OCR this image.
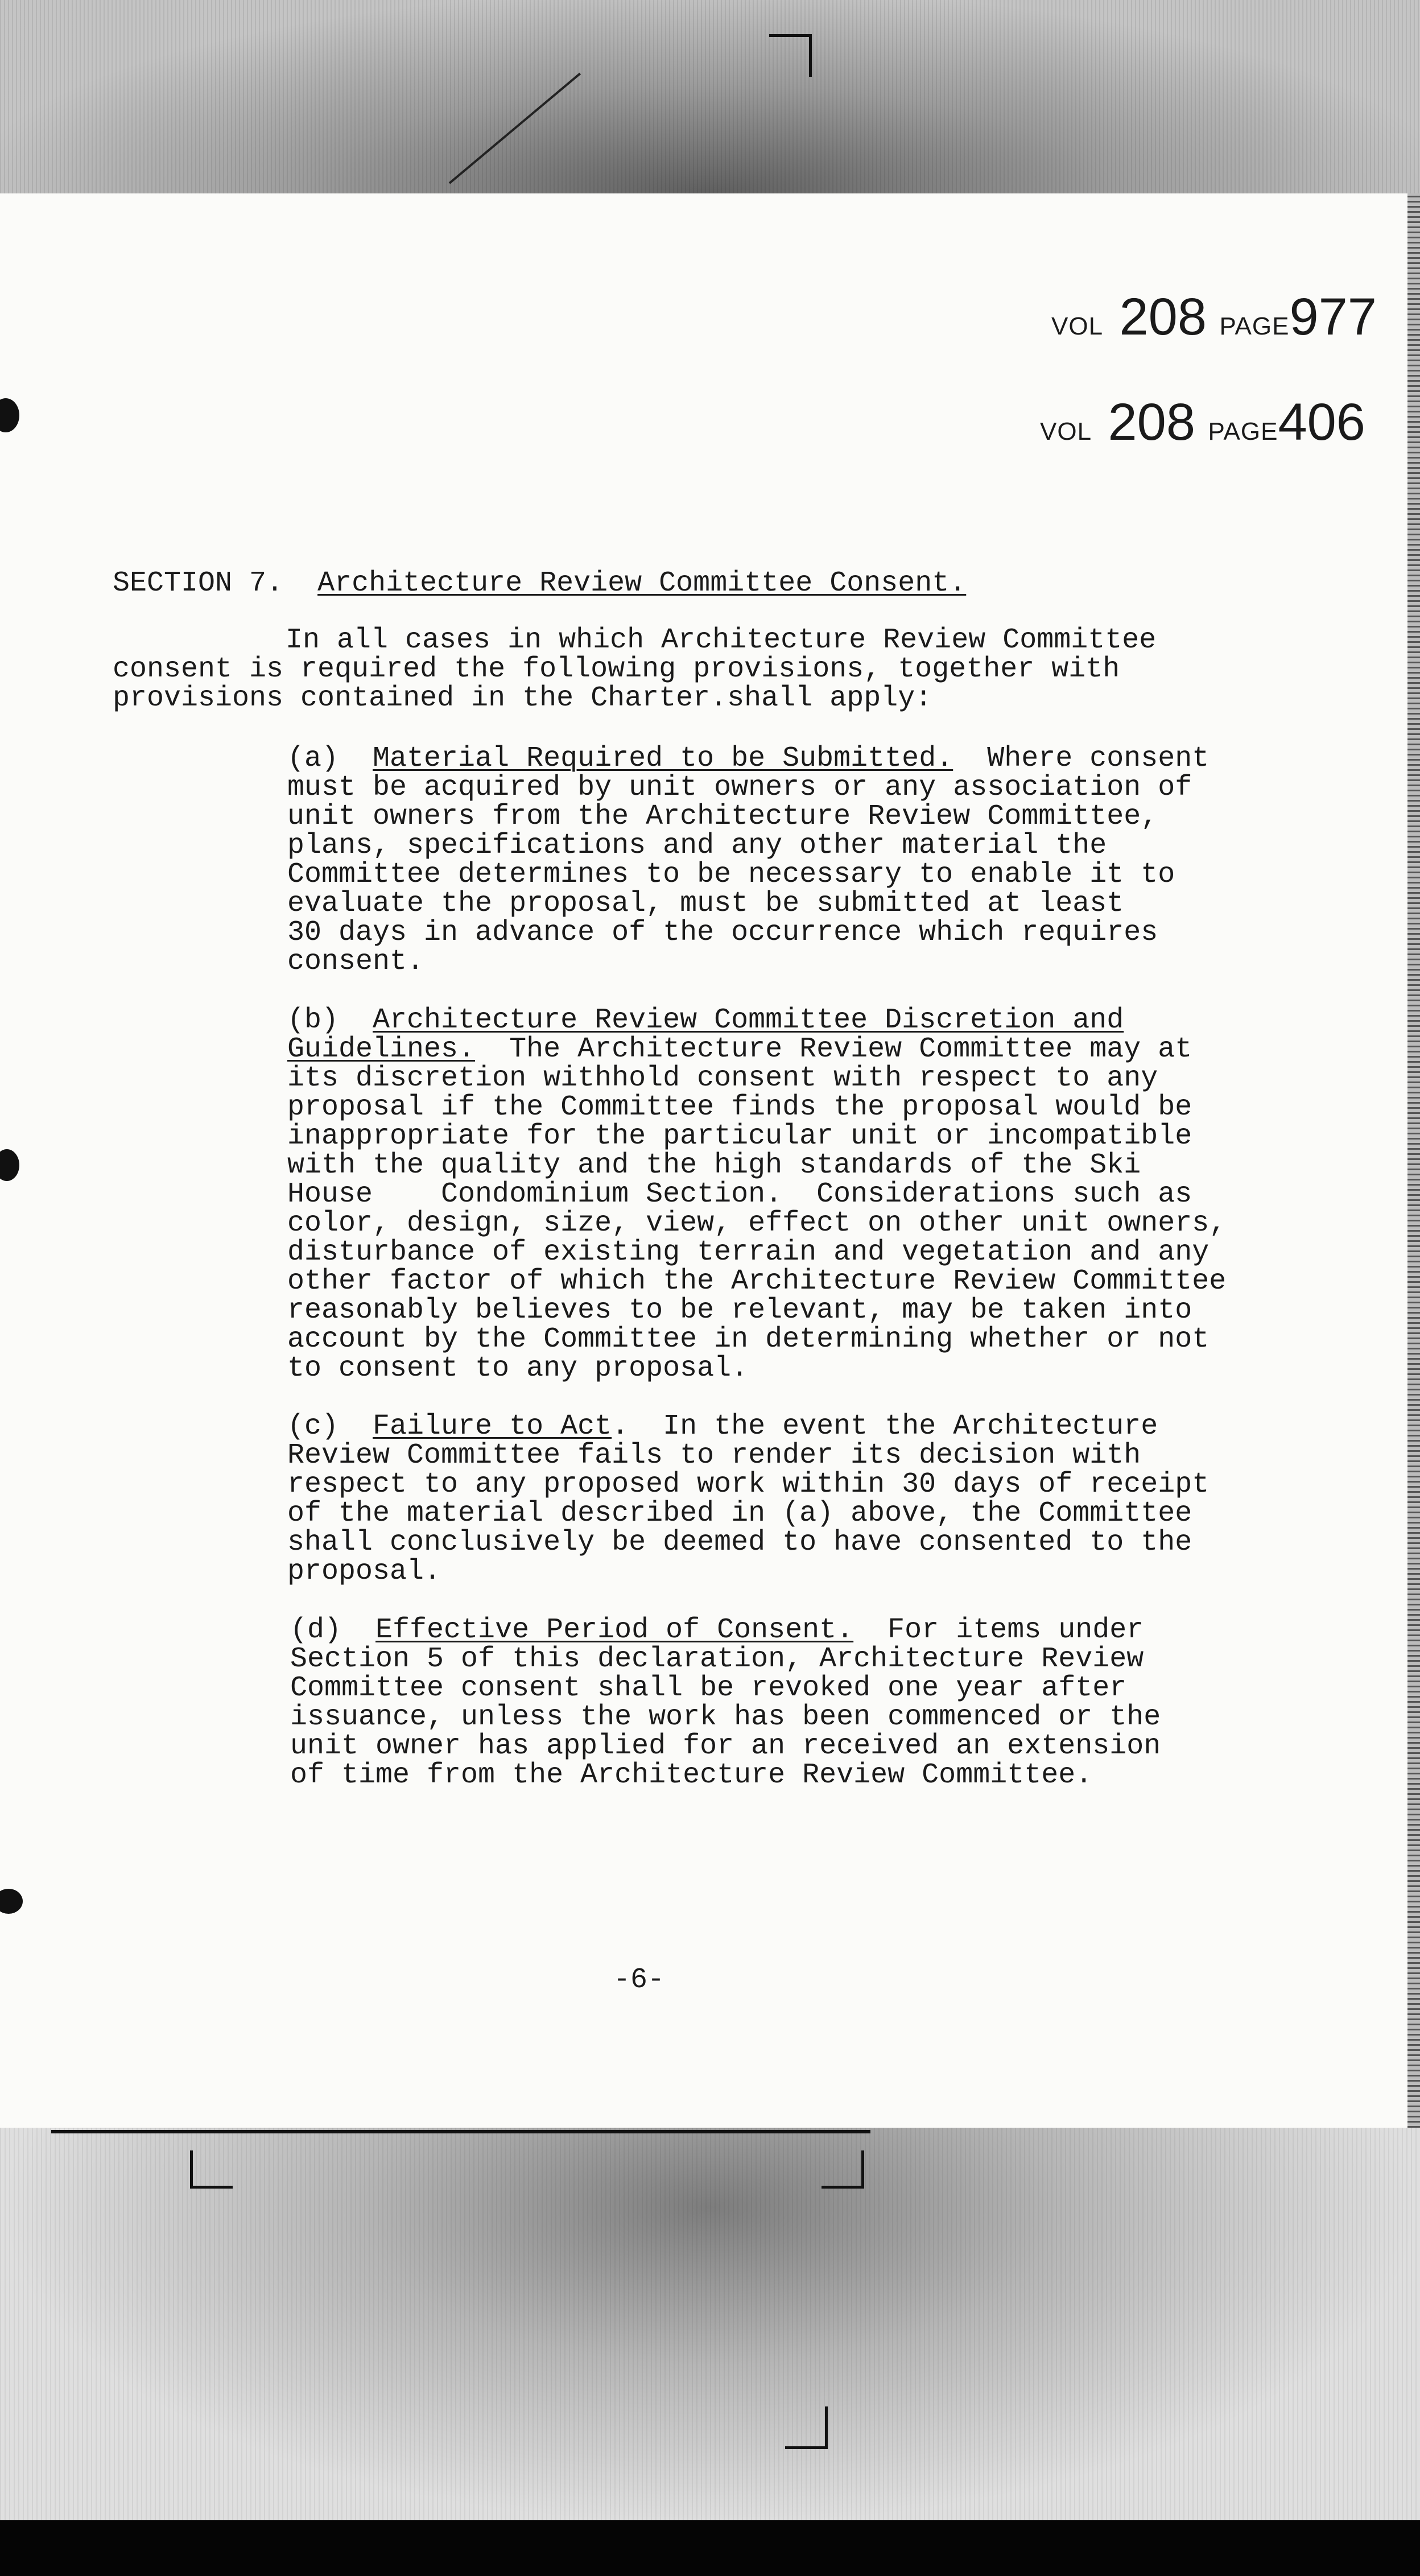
VOL 208 PAGE977
VOL 208 PAGE406
SECTION 7. Architecture Review Committee Consent.
In all cases in which Architecture Review Committee
consent is required the following provisions, together with
provisions contained in the Charter.shall apply:
(a) Material Required to be Submitted.  Where consent
must be acquired by unit owners or any association of
unit owners from the Architecture Review Committee,
plans, specifications and any other material the
Committee determines to be necessary to enable it to
evaluate the proposal, must be submitted at least
30 days in advance of the occurrence which requires
consent.
(b) Architecture Review Committee Discretion and
Guidelines.  The Architecture Review Committee may at
its discretion withhold consent with respect to any
proposal if the Committee finds the proposal would be
inappropriate for the particular unit or incompatible
with the quality and the high standards of the Ski
House    Condominium Section.  Considerations such as
color, design, size, view, effect on other unit owners,
disturbance of existing terrain and vegetation and any
other factor of which the Architecture Review Committee
reasonably believes to be relevant, may be taken into
account by the Committee in determining whether or not
to consent to any proposal.
(c) Failure to Act.  In the event the Architecture
Review Committee fails to render its decision with
respect to any proposed work within 30 days of receipt
of the material described in (a) above, the Committee
shall conclusively be deemed to have consented to the
proposal.
(d) Effective Period of Consent.  For items under
Section 5 of this declaration, Architecture Review
Committee consent shall be revoked one year after
issuance, unless the work has been commenced or the
unit owner has applied for an received an extension
of time from the Architecture Review Committee.
-6-
